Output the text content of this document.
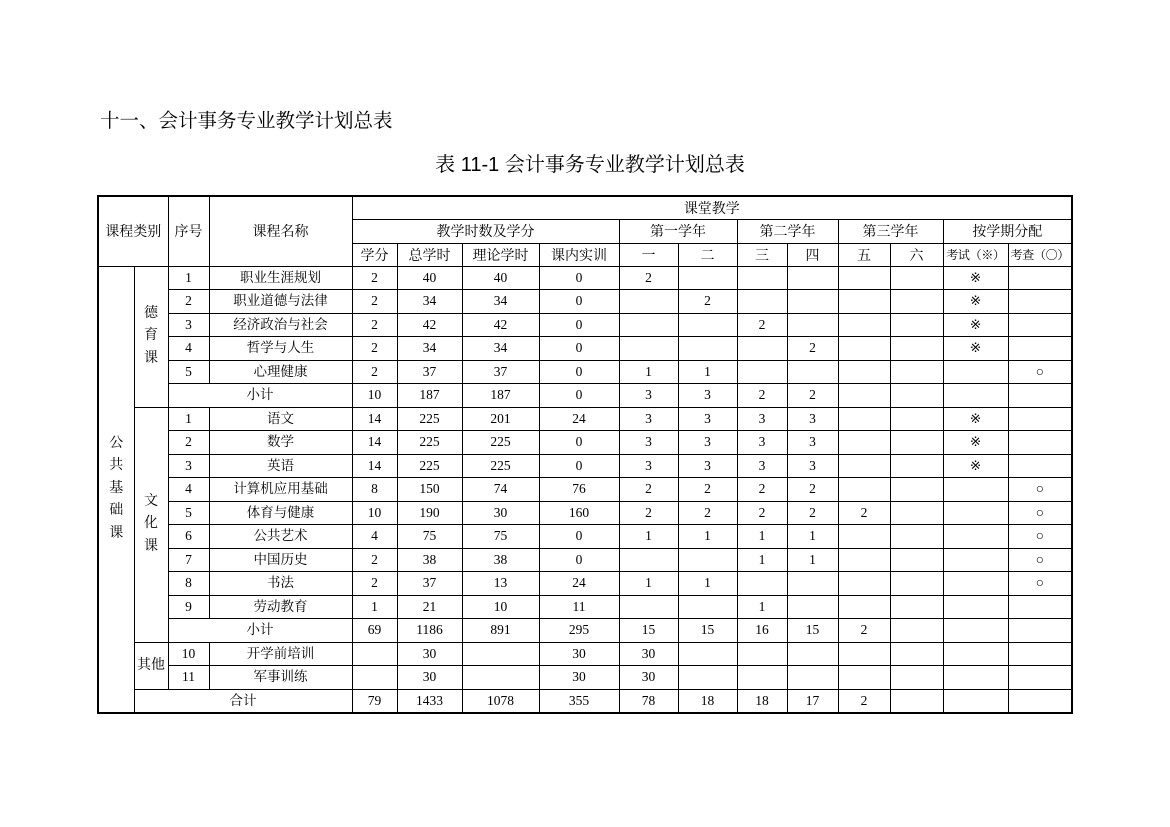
十一、会计事务专业教学计划总表
表 11-1 会计事务专业教学计划总表
课程类别		序号	课程名称	课堂教学											
				教学时数及学分				第一学年		第二学年		第三学年		按学期分配	
				学分	总学时	理论学时	课内实训	一	二	三	四	五	六	考试（※）	考查（〇）
公共基础课	德育课	1	职业生涯规划	2	40	40	0	2						※	
		2	职业道德与法律	2	34	34	0		2					※	
		3	经济政治与社会	2	42	42	0			2				※	
		4	哲学与人生	2	34	34	0				2			※	
		5	心理健康	2	37	37	0	1	1						○
		小计		10	187	187	0	3	3	2	2				
	文化课	1	语文	14	225	201	24	3	3	3	3			※	
		2	数学	14	225	225	0	3	3	3	3			※	
		3	英语	14	225	225	0	3	3	3	3			※	
		4	计算机应用基础	8	150	74	76	2	2	2	2				○
		5	体育与健康	10	190	30	160	2	2	2	2	2			○
		6	公共艺术	4	75	75	0	1	1	1	1				○
		7	中国历史	2	38	38	0			1	1				○
		8	书法	2	37	13	24	1	1						○
		9	劳动教育	1	21	10	11			1					
		小计		69	1186	891	295	15	15	16	15	2			
	其他	10	开学前培训		30		30	30							
		11	军事训练		30		30	30							
	合计			79	1433	1078	355	78	18	18	17	2			
